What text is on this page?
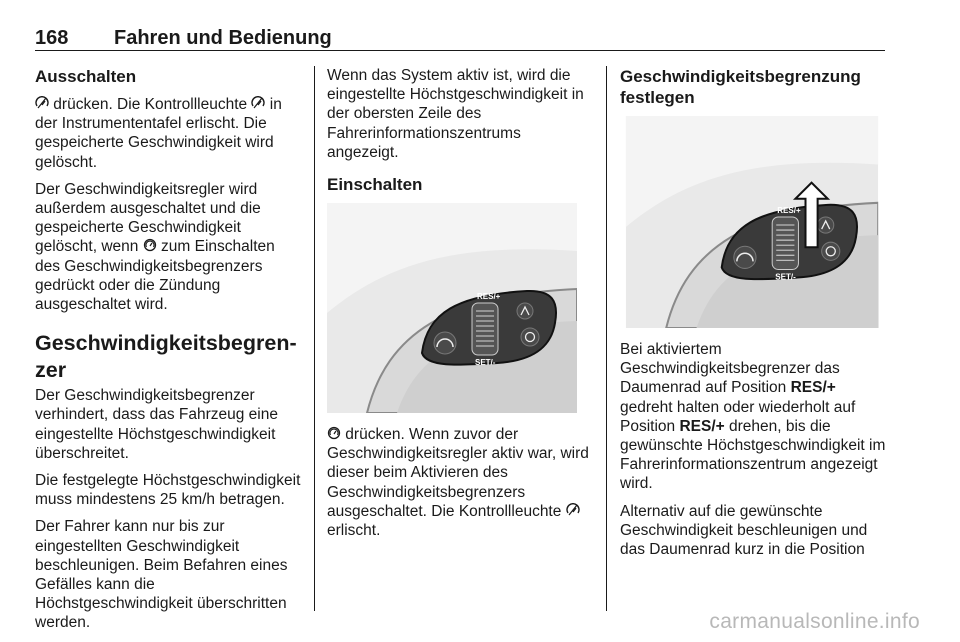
168 Fahren und Bedienung
Ausschalten

drücken. Die Kontrollleuchte  in der Instrumententafel erlischt. Die gespeicherte Geschwindigkeit wird gelöscht.

Der Geschwindigkeitsregler wird außerdem ausgeschaltet und die gespeicherte Geschwindigkeit gelöscht, wenn  zum Einschalten des Geschwindigkeitsbegrenzers gedrückt oder die Zündung ausgeschaltet wird.

Geschwindigkeitsbegren-zer

Der Geschwindigkeitsbegrenzer verhindert, dass das Fahrzeug eine eingestellte Höchstgeschwindigkeit überschreitet.

Die festgelegte Höchstgeschwindigkeit muss mindestens 25 km/h betragen.

Der Fahrer kann nur bis zur eingestellten Geschwindigkeit beschleunigen. Beim Befahren eines Gefälles kann die Höchstgeschwindigkeit überschritten werden.

Wenn das System aktiv ist, wird die eingestellte Höchstgeschwindigkeit in der obersten Zeile des Fahrerinformationszentrums angezeigt.

Einschalten
RES/+
SET/-

drücken. Wenn zuvor der Geschwindigkeitsregler aktiv war, wird dieser beim Aktivieren des Geschwindigkeitsbegrenzers ausgeschaltet. Die Kontrollleuchte  erlischt.

Geschwindigkeitsbegrenzung festlegen
RES/+
SET/-

Bei aktiviertem Geschwindigkeitsbegrenzer das Daumenrad auf Position RES/+ gedreht halten oder wiederholt auf Position RES/+ drehen, bis die gewünschte Höchstgeschwindigkeit im Fahrerinformationszentrum angezeigt wird.

Alternativ auf die gewünschte Geschwindigkeit beschleunigen und das Daumenrad kurz in die Position

carmanualsonline.info
